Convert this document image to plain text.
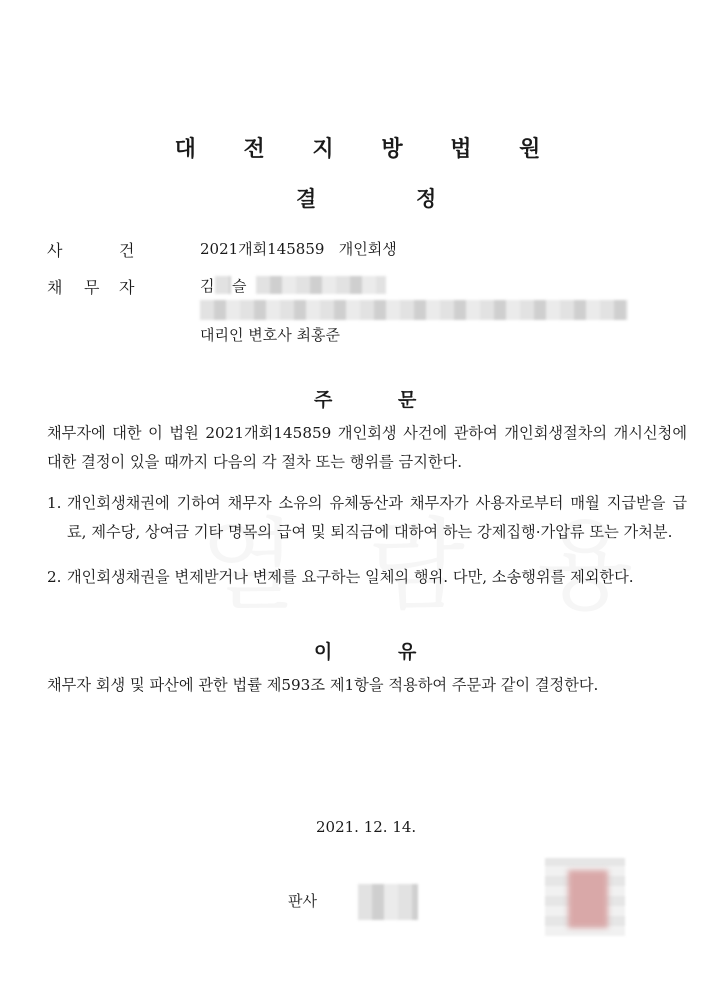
대 전 지 방 법 원
결	정
사	건	2021개회145859   개인회생
채 무 자	김 슬
대리인 변호사 최홍준
주	문
채무자에 대한 이 법원 2021개회145859 개인회생 사건에 관하여 개인회생절차의 개시신청에 대한 결정이 있을 때까지 다음의 각 절차 또는 행위를 금지한다.
1. 개인회생채권에 기하여 채무자 소유의 유체동산과 채무자가 사용자로부터 매월 지급받을 급료, 제수당, 상여금 기타 명목의 급여 및 퇴직금에 대하여 하는 강제집행·가압류 또는 가처분.
2. 개인회생채권을 변제받거나 변제를 요구하는 일체의 행위. 다만, 소송행위를 제외한다.
이	유
채무자 회생 및 파산에 관한 법률 제593조 제1항을 적용하여 주문과 같이 결정한다.
2021. 12. 14.
판사
